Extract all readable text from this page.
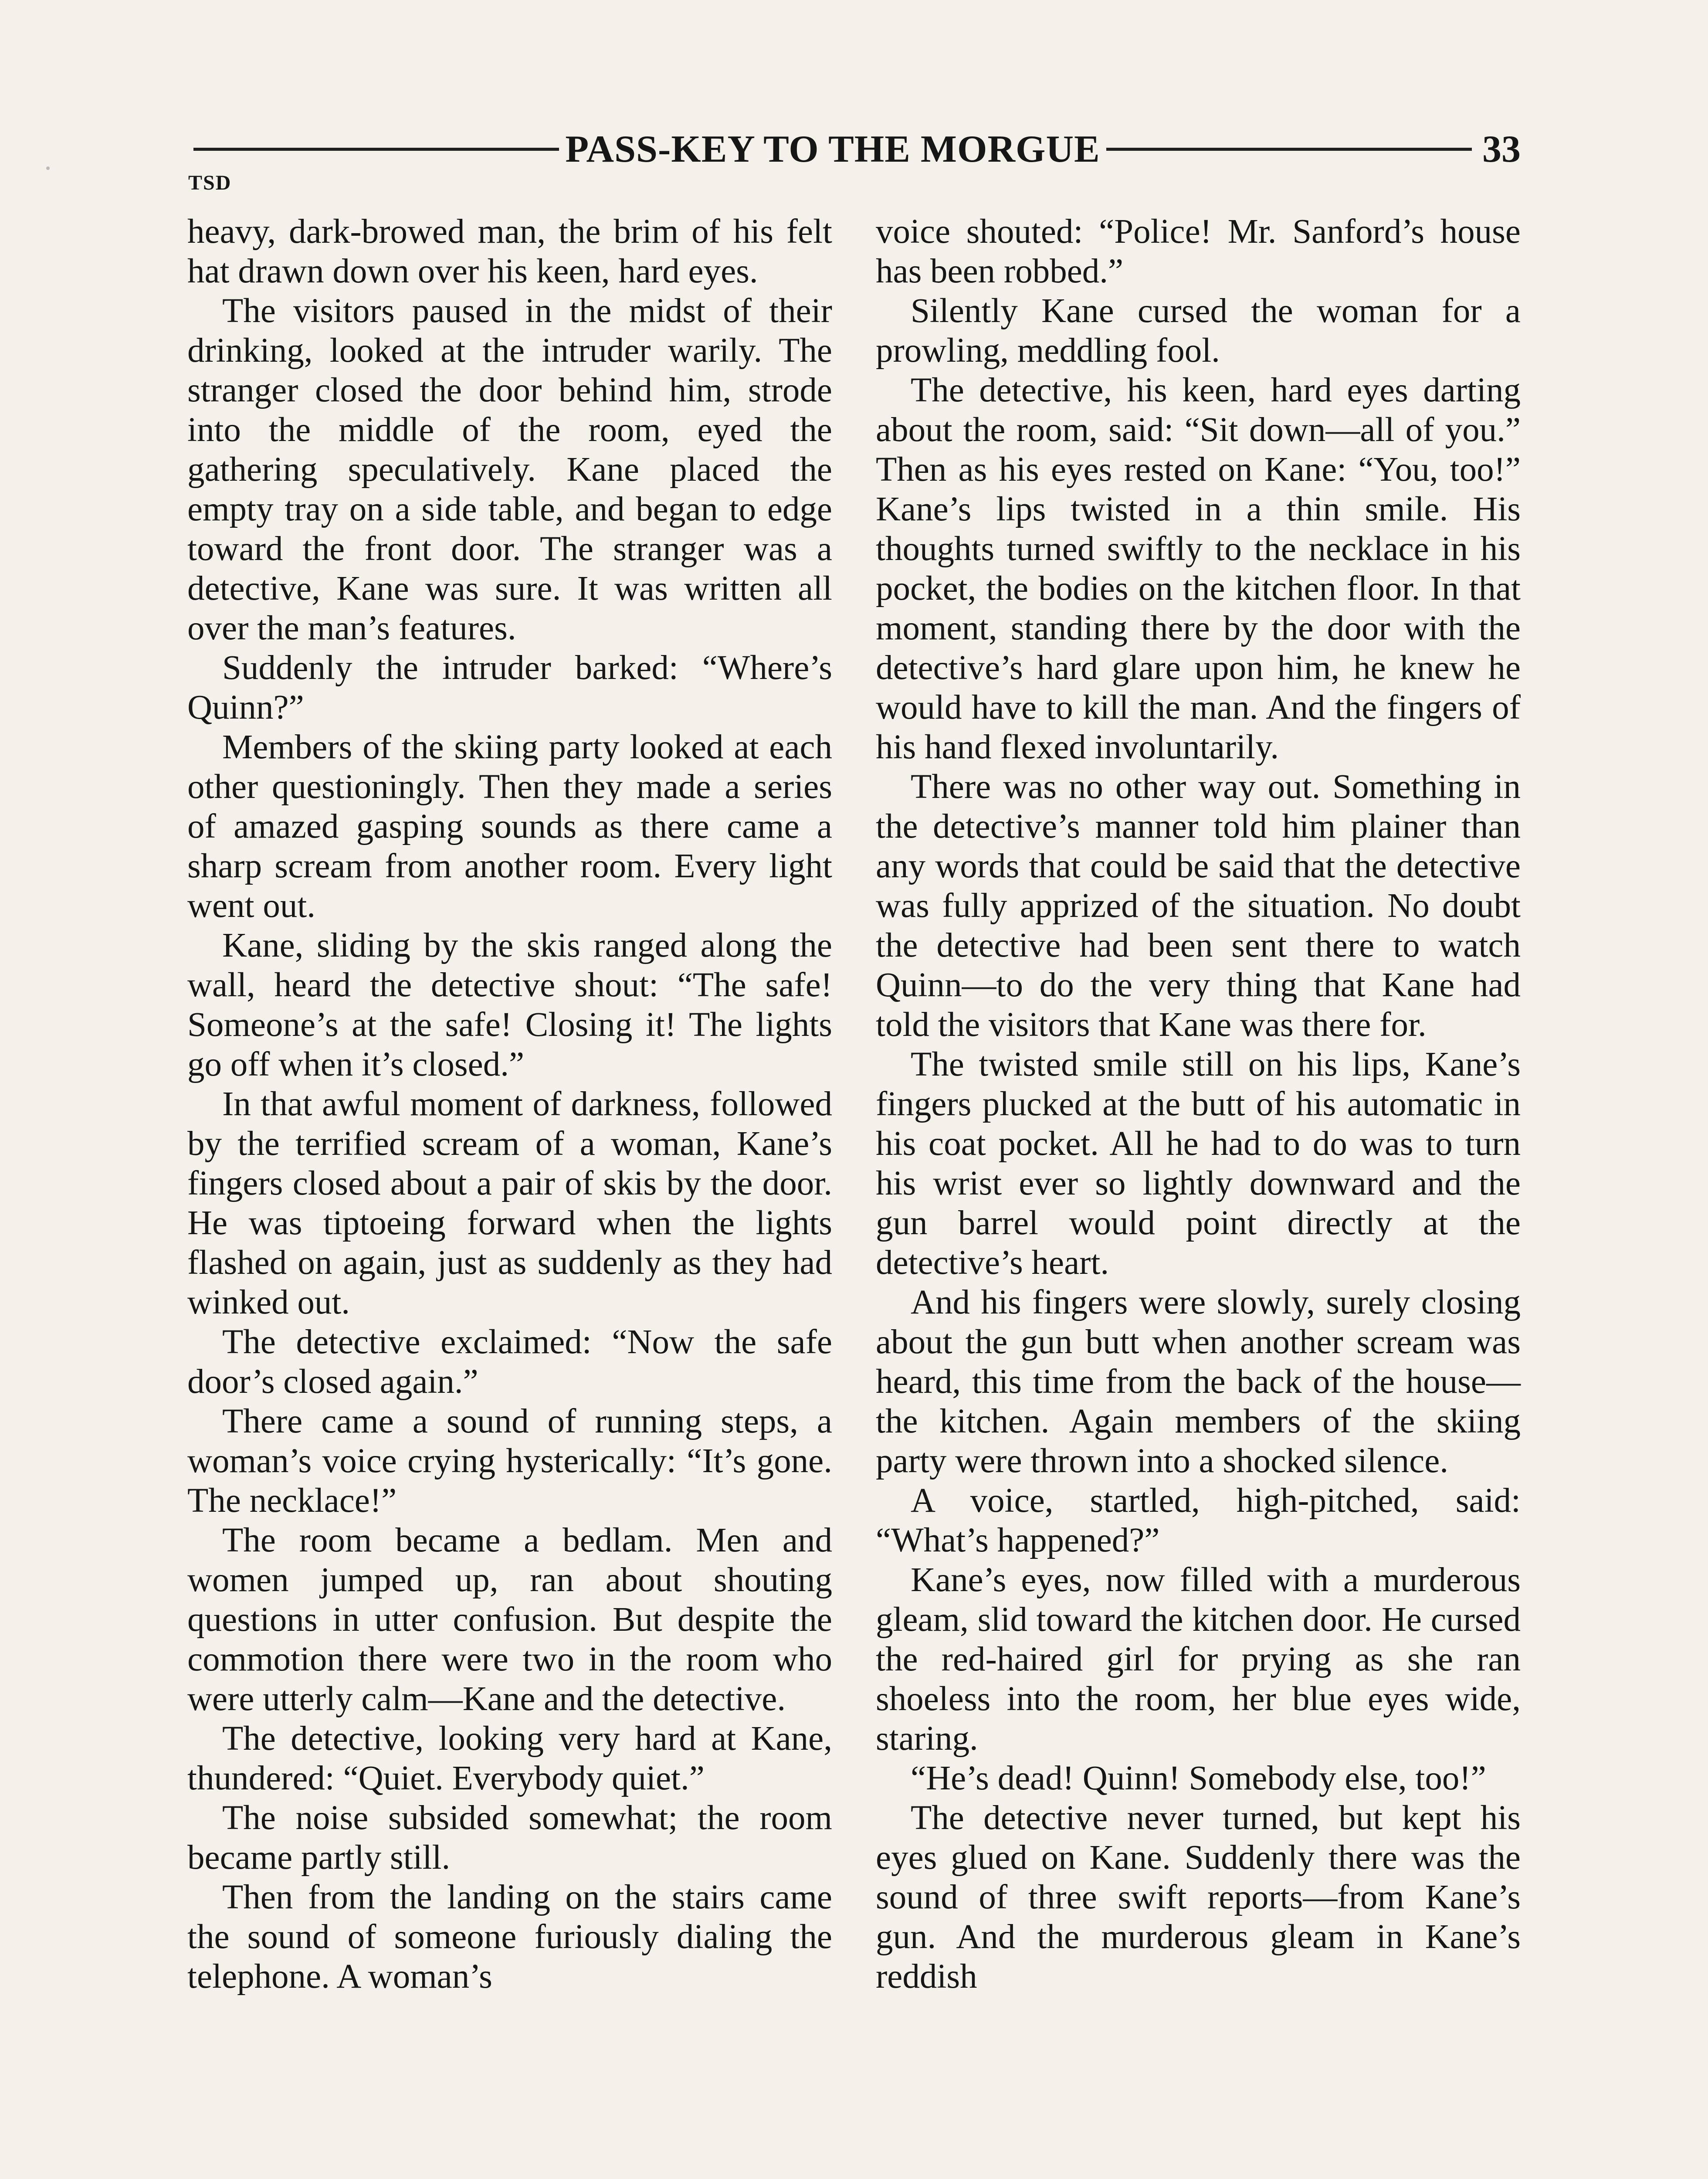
PASS-KEY TO THE MORGUE	33
TSD

heavy, dark-browed man, the brim of his felt hat drawn down over his keen, hard eyes.

The visitors paused in the midst of their drinking, looked at the intruder warily. The stranger closed the door behind him, strode into the middle of the room, eyed the gathering speculatively. Kane placed the empty tray on a side table, and began to edge toward the front door. The stranger was a detective, Kane was sure. It was written all over the man’s features.

Suddenly the intruder barked: “Where’s Quinn?”

Members of the skiing party looked at each other questioningly. Then they made a series of amazed gasping sounds as there came a sharp scream from another room. Every light went out.

Kane, sliding by the skis ranged along the wall, heard the detective shout: “The safe! Someone’s at the safe! Closing it! The lights go off when it’s closed.”

In that awful moment of darkness, followed by the terrified scream of a woman, Kane’s fingers closed about a pair of skis by the door. He was tiptoeing forward when the lights flashed on again, just as suddenly as they had winked out.

The detective exclaimed: “Now the safe door’s closed again.”

There came a sound of running steps, a woman’s voice crying hysterically: “It’s gone. The necklace!”

The room became a bedlam. Men and women jumped up, ran about shouting questions in utter confusion. But despite the commotion there were two in the room who were utterly calm—Kane and the detective.

The detective, looking very hard at Kane, thundered: “Quiet. Everybody quiet.”

The noise subsided somewhat; the room became partly still.

Then from the landing on the stairs came the sound of someone furiously dialing the telephone. A woman’s

voice shouted: “Police! Mr. Sanford’s house has been robbed.”

Silently Kane cursed the woman for a prowling, meddling fool.

The detective, his keen, hard eyes darting about the room, said: “Sit down—all of you.” Then as his eyes rested on Kane: “You, too!” Kane’s lips twisted in a thin smile. His thoughts turned swiftly to the necklace in his pocket, the bodies on the kitchen floor. In that moment, standing there by the door with the detective’s hard glare upon him, he knew he would have to kill the man. And the fingers of his hand flexed involuntarily.

There was no other way out. Something in the detective’s manner told him plainer than any words that could be said that the detective was fully apprized of the situation. No doubt the detective had been sent there to watch Quinn—to do the very thing that Kane had told the visitors that Kane was there for.

The twisted smile still on his lips, Kane’s fingers plucked at the butt of his automatic in his coat pocket. All he had to do was to turn his wrist ever so lightly downward and the gun barrel would point directly at the detective’s heart.

And his fingers were slowly, surely closing about the gun butt when another scream was heard, this time from the back of the house—the kitchen. Again members of the skiing party were thrown into a shocked silence.

A voice, startled, high-pitched, said: “What’s happened?”

Kane’s eyes, now filled with a murderous gleam, slid toward the kitchen door. He cursed the red-haired girl for prying as she ran shoeless into the room, her blue eyes wide, staring.

“He’s dead! Quinn! Somebody else, too!”

The detective never turned, but kept his eyes glued on Kane. Suddenly there was the sound of three swift reports—from Kane’s gun. And the murderous gleam in Kane’s reddish
